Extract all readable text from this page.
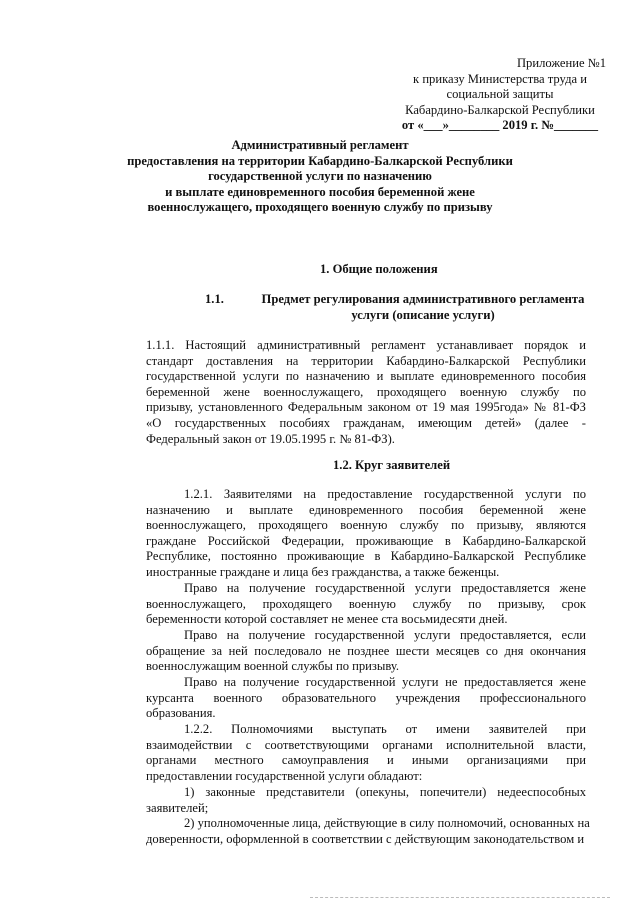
Приложение №1
к приказу Министерства труда и
социальной защиты
Кабардино-Балкарской Республики
от «___»________ 2019 г. №_______
Административный регламент
предоставления на территории Кабардино-Балкарской Республики
государственной услуги по назначению
и выплате единовременного пособия беременной жене
военнослужащего, проходящего военную службу по призыву
1. Общие положения
1.1.	Предмет регулирования административного регламента
услуги (описание услуги)
1.1.1. Настоящий административный регламент устанавливает порядок и
стандарт доставления на территории Кабардино-Балкарской Республики
государственной услуги по назначению и выплате единовременного пособия
беременной жене военнослужащего, проходящего военную службу по
призыву, установленного Федеральным законом от 19 мая 1995года» № 81-ФЗ
«О государственных пособиях гражданам, имеющим детей» (далее -
Федеральный закон от 19.05.1995 г. № 81-ФЗ).
1.2. Круг заявителей
1.2.1. Заявителями на предоставление государственной услуги по
назначению и выплате единовременного пособия беременной жене
военнослужащего, проходящего военную службу по призыву, являются
граждане Российской Федерации, проживающие в Кабардино-Балкарской
Республике, постоянно проживающие в Кабардино-Балкарской Республике
иностранные граждане и лица без гражданства, а также беженцы.
Право на получение государственной услуги предоставляется жене
военнослужащего, проходящего военную службу по призыву, срок
беременности которой составляет не менее ста восьмидесяти дней.
Право на получение государственной услуги предоставляется, если
обращение за ней последовало не позднее шести месяцев со дня окончания
военнослужащим военной службы по призыву.
Право на получение государственной услуги не предоставляется жене
курсанта военного образовательного учреждения профессионального
образования.
1.2.2. Полномочиями выступать от имени заявителей при
взаимодействии с соответствующими органами исполнительной власти,
органами местного самоуправления и иными организациями при
предоставлении государственной услуги обладают:
1) законные представители (опекуны, попечители) недееспособных
заявителей;
2) уполномоченные лица, действующие в силу полномочий, основанных на
доверенности, оформленной в соответствии с действующим законодательством и
